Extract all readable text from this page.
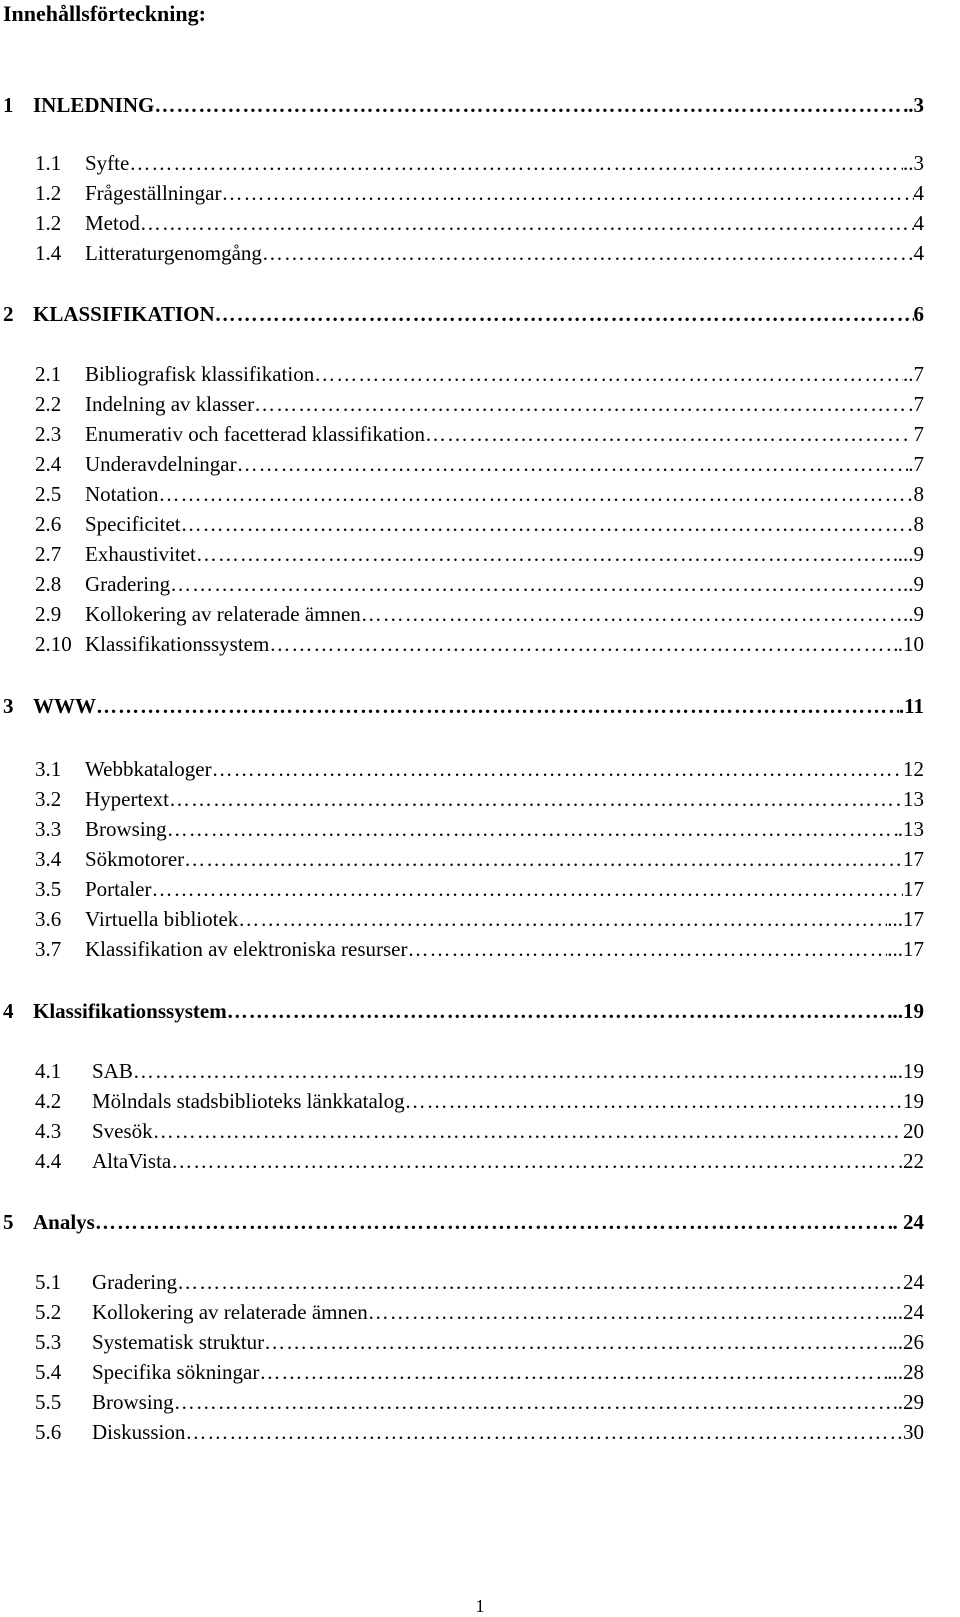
Innehållsförteckning:
1 INLEDNING ……………………………………………………………………………………………………………………………………………………………………………………………………………………………	.3
1.1	Syfte ……………………………………………………………………………………………………………………………………………………………………………………………………………………………	..3
1.2	Frågeställningar ……………………………………………………………………………………………………………………………………………………………………………………………………………………………	4
1.2	Metod ……………………………………………………………………………………………………………………………………………………………………………………………………………………………	4
1.4	Litteraturgenomgång ……………………………………………………………………………………………………………………………………………………………………………………………………………………………	.4
2 KLASSIFIKATION ……………………………………………………………………………………………………………………………………………………………………………………………………………………………	6
2.1	Bibliografisk klassifikation ……………………………………………………………………………………………………………………………………………………………………………………………………………………………	..7
2.2	Indelning av klasser ……………………………………………………………………………………………………………………………………………………………………………………………………………………………	.7
2.3	Enumerativ och facetterad klassifikation ……………………………………………………………………………………………………………………………………………………………………………………………………………………………	. 7
2.4	Underavdelningar ……………………………………………………………………………………………………………………………………………………………………………………………………………………………	.7
2.5	Notation ……………………………………………………………………………………………………………………………………………………………………………………………………………………………	8
2.6	Specificitet ……………………………………………………………………………………………………………………………………………………………………………………………………………………………	8
2.7	Exhaustivitet ……………………………………………………………………………………………………………………………………………………………………………………………………………………………	...9
2.8	Gradering ……………………………………………………………………………………………………………………………………………………………………………………………………………………………	..9
2.9	Kollokering av relaterade ämnen ……………………………………………………………………………………………………………………………………………………………………………………………………………………………	..9
2.10 Klassifikationssystem ……………………………………………………………………………………………………………………………………………………………………………………………………………………………	.10
3 WWW ……………………………………………………………………………………………………………………………………………………………………………………………………………………………	.11
3.1	Webbkataloger ……………………………………………………………………………………………………………………………………………………………………………………………………………………………	12
3.2	Hypertext ……………………………………………………………………………………………………………………………………………………………………………………………………………………………	13
3.3	Browsing ……………………………………………………………………………………………………………………………………………………………………………………………………………………………	.13
3.4	Sökmotorer ……………………………………………………………………………………………………………………………………………………………………………………………………………………………	17
3.5	Portaler ……………………………………………………………………………………………………………………………………………………………………………………………………………………………	17
3.6	Virtuella bibliotek ……………………………………………………………………………………………………………………………………………………………………………………………………………………………	...17
3.7	Klassifikation av elektroniska resurser ……………………………………………………………………………………………………………………………………………………………………………………………………………………………	...17
4 Klassifikationssystem ……………………………………………………………………………………………………………………………………………………………………………………………………………………………	...19
4.1	SAB ……………………………………………………………………………………………………………………………………………………………………………………………………………………………	..19
4.2	Mölndals stadsbiblioteks länkkatalog ……………………………………………………………………………………………………………………………………………………………………………………………………………………………	19
4.3	Svesök ……………………………………………………………………………………………………………………………………………………………………………………………………………………………	20
4.4	AltaVista ……………………………………………………………………………………………………………………………………………………………………………………………………………………………	22
5 Analys ……………………………………………………………………………………………………………………………………………………………………………………………………………………………	. 24
5.1	Gradering ……………………………………………………………………………………………………………………………………………………………………………………………………………………………	24
5.2	Kollokering av relaterade ämnen ……………………………………………………………………………………………………………………………………………………………………………………………………………………………	...24
5.3	Systematisk struktur ……………………………………………………………………………………………………………………………………………………………………………………………………………………………	..26
5.4	Specifika sökningar ……………………………………………………………………………………………………………………………………………………………………………………………………………………………	...28
5.5	Browsing ……………………………………………………………………………………………………………………………………………………………………………………………………………………………	.29
5.6	Diskussion ……………………………………………………………………………………………………………………………………………………………………………………………………………………………	30
1
